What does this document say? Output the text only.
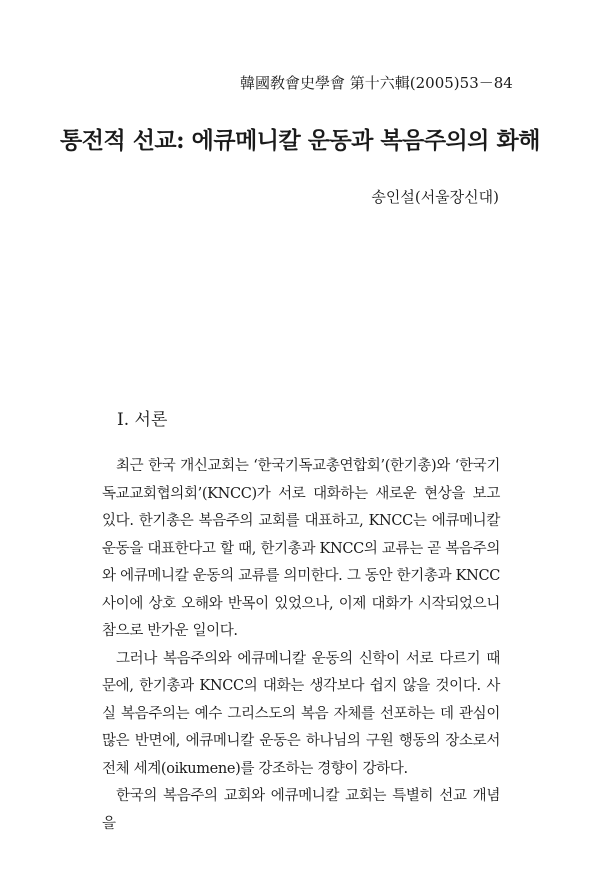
韓國敎會史學會 第十六輯(2005) 53－84
통전적 선교: 에큐메니칼 운동과 복음주의의 화해
송인설(서울장신대)
I. 서론

최근 한국 개신교회는 ‘한국기독교총연합회’(한기총)와 ‘한국기독교교회협의회’(KNCC)가 서로 대화하는 새로운 현상을 보고 있다. 한기총은 복음주의 교회를 대표하고, KNCC는 에큐메니칼 운동을 대표한다고 할 때, 한기총과 KNCC의 교류는 곧 복음주의와 에큐메니칼 운동의 교류를 의미한다. 그 동안 한기총과 KNCC 사이에 상호 오해와 반목이 있었으나, 이제 대화가 시작되었으니 참으로 반가운 일이다.

그러나 복음주의와 에큐메니칼 운동의 신학이 서로 다르기 때문에, 한기총과 KNCC의 대화는 생각보다 쉽지 않을 것이다. 사실 복음주의는 예수 그리스도의 복음 자체를 선포하는 데 관심이 많은 반면에, 에큐메니칼 운동은 하나님의 구원 행동의 장소로서 전체 세계(oikumene)를 강조하는 경향이 강하다.

한국의 복음주의 교회와 에큐메니칼 교회는 특별히 선교 개념을
